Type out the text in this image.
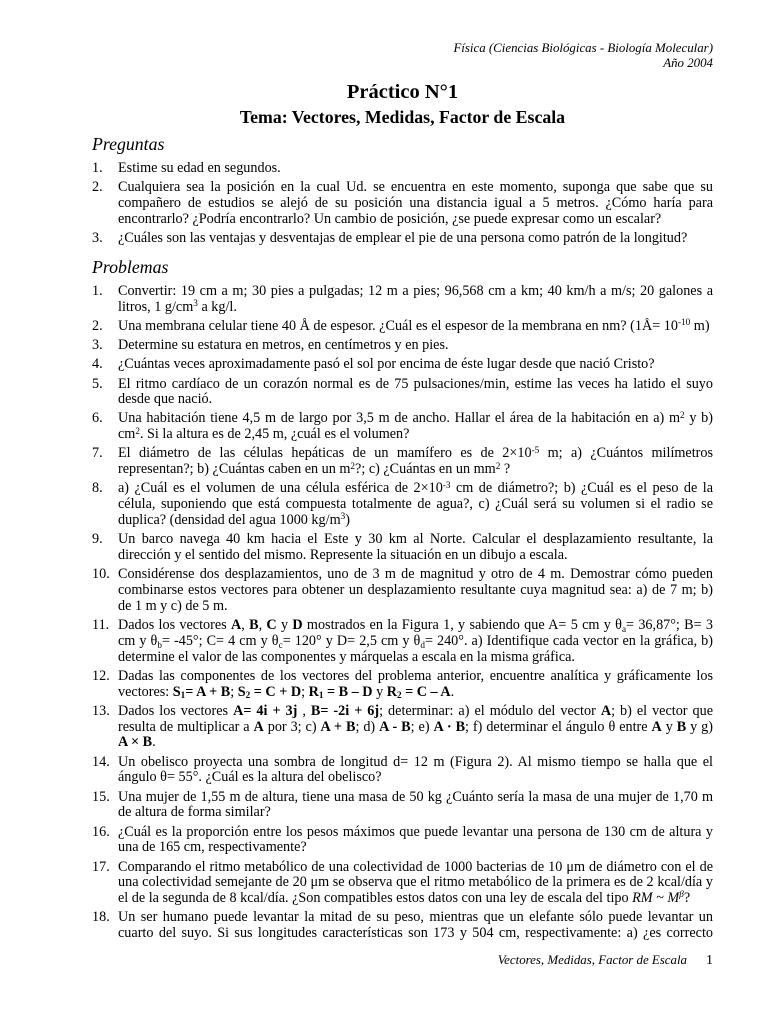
Física (Ciencias Biológicas - Biología Molecular)
Año 2004
Práctico N°1
Tema: Vectores, Medidas, Factor de Escala
Preguntas
1.	Estime su edad en segundos.
2.	Cualquiera sea la posición en la cual Ud. se encuentra en este momento, suponga que sabe que su compañero de estudios se alejó de su posición una distancia igual a 5 metros. ¿Cómo haría para encontrarlo? ¿Podría encontrarlo? Un cambio de posición, ¿se puede expresar como un escalar?
3.	¿Cuáles son las ventajas y desventajas de emplear el pie de una persona como patrón de la longitud?
Problemas
1.	Convertir: 19 cm a m; 30 pies a pulgadas; 12 m a pies; 96,568 cm a km; 40 km/h a m/s; 20 galones a litros, 1 $g/cm^3$ a kg/l.
2.	Una membrana celular tiene 40 Å de espesor. ¿Cuál es el espesor de la membrana en nm? (1Å= $10^{-10}$ m)
3.	Determine su estatura en metros, en centímetros y en pies.
4.	¿Cuántas veces aproximadamente pasó el sol por encima de éste lugar desde que nació Cristo?
5.	El ritmo cardíaco de un corazón normal es de 75 pulsaciones/min, estime las veces ha latido el suyo desde que nació.
6.	Una habitación tiene 4,5 m de largo por 3,5 m de ancho. Hallar el área de la habitación en a) $m^2$ y b) $cm^2$. Si la altura es de 2,45 m, ¿cuál es el volumen?
7.	El diámetro de las células hepáticas de un mamífero es de $2\times 10^{-5}$ m; a) ¿Cuántos milímetros representan?; b) ¿Cuántas caben en un $m^2$?; c) ¿Cuántas en un $mm^2$ ?
8.	a) ¿Cuál es el volumen de una célula esférica de $2\times 10^{-3}$ cm de diámetro?; b) ¿Cuál es el peso de la célula, suponiendo que está compuesta totalmente de agua?, c) ¿Cuál será su volumen si el radio se duplica? (densidad del agua 1000 $kg/m^3$)
9.	Un barco navega 40 km hacia el Este y 30 km al Norte. Calcular el desplazamiento resultante, la dirección y el sentido del mismo. Represente la situación en un dibujo a escala.
10. Considérense dos desplazamientos, uno de 3 m de magnitud y otro de 4 m. Demostrar cómo pueden combinarse estos vectores para obtener un desplazamiento resultante cuya magnitud sea: a) de 7 m; b) de 1 m y c) de 5 m.
11. Dados los vectores A, B, C y D mostrados en la Figura 1, y sabiendo que A= 5 cm y $\theta_a= 36,87^\circ$; B= 3 cm y $\theta_b= -45^\circ$; C= 4 cm y $\theta_c= 120^\circ$ y D= 2,5 cm y $\theta_d= 240^\circ$. a) Identifique cada vector en la gráfica, b) determine el valor de las componentes y márquelas a escala en la misma gráfica.
12. Dadas las componentes de los vectores del problema anterior, encuentre analítica y gráficamente los vectores: $S_1= A + B$; $S_2 = C + D$; $R_1 = B - D$ y $R_2 = C - A$.
13. Dados los vectores A= 4i + 3j , B= -2i + 6j; determinar: a) el módulo del vector A; b) el vector que resulta de multiplicar a A por 3; c) A + B; d) A - B; e) A · B; f) determinar el ángulo θ entre A y B y g) A × B.
14. Un obelisco proyecta una sombra de longitud d= 12 m (Figura 2). Al mismo tiempo se halla que el ángulo θ= 55°. ¿Cuál es la altura del obelisco?
15. Una mujer de 1,55 m de altura, tiene una masa de 50 kg ¿Cuánto sería la masa de una mujer de 1,70 m de altura de forma similar?
16. ¿Cuál es la proporción entre los pesos máximos que puede levantar una persona de 130 cm de altura y una de 165 cm, respectivamente?
17. Comparando el ritmo metabólico de una colectividad de 1000 bacterias de 10 μm de diámetro con el de una colectividad semejante de 20 μm se observa que el ritmo metabólico de la primera es de 2 kcal/día y el de la segunda de 8 kcal/día. ¿Son compatibles estos datos con una ley de escala del tipo RM ~ $M^\beta$?
18. Un ser humano puede levantar la mitad de su peso, mientras que un elefante sólo puede levantar un cuarto del suyo. Si sus longitudes características son 173 y 504 cm, respectivamente: a) ¿es correcto
Vectores, Medidas, Factor de Escala 1
